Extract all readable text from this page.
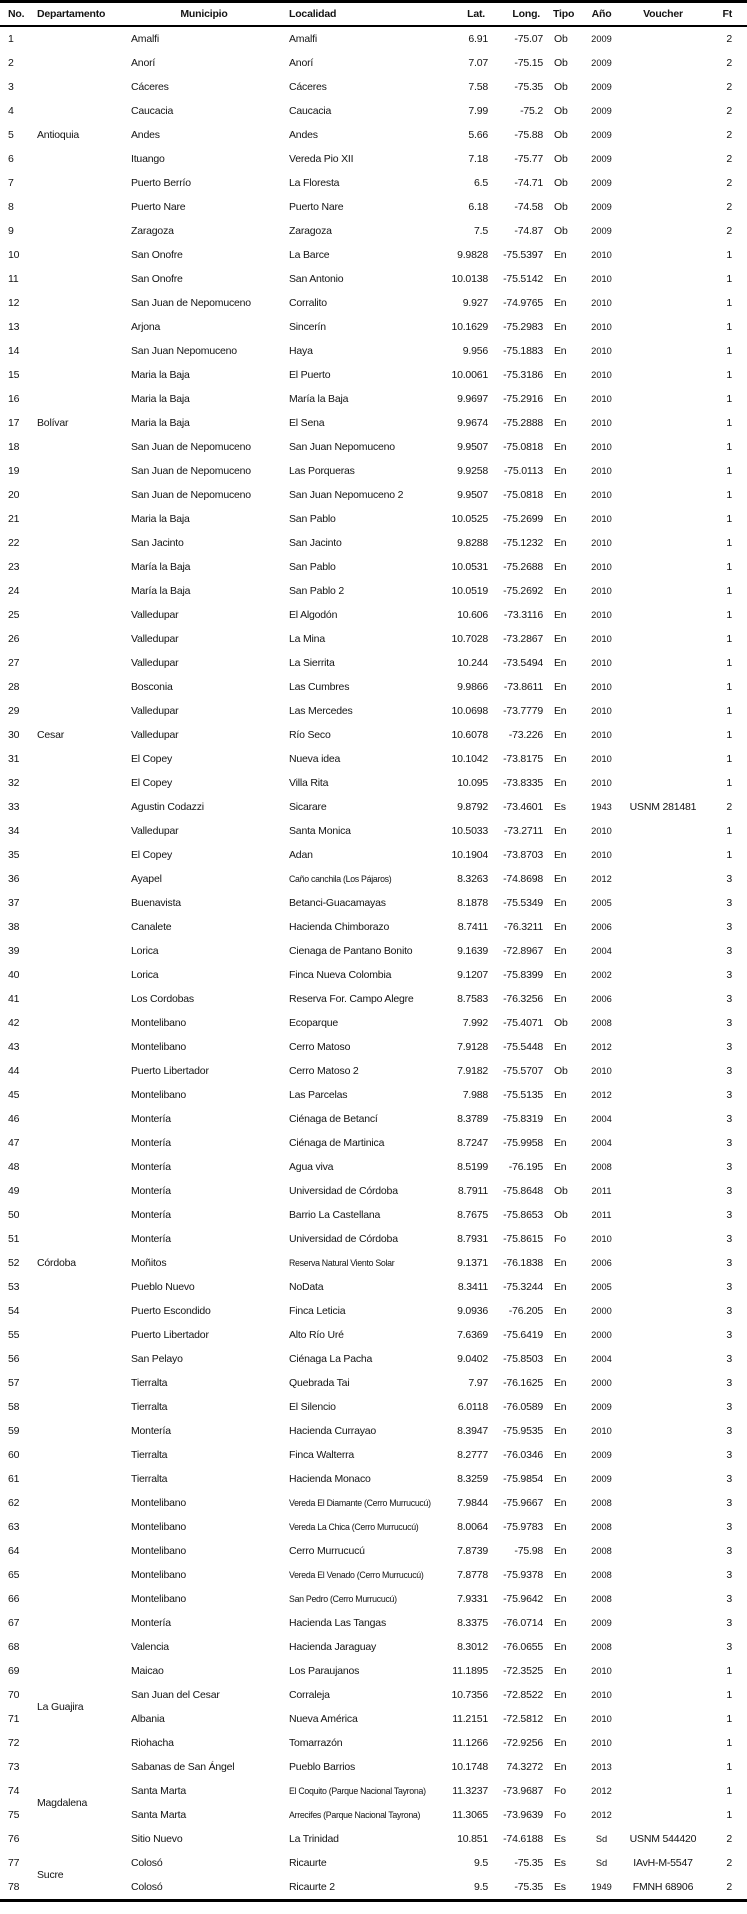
No.	Departamento	Municipio	Localidad	Lat.	Long.	Tipo	Año	Voucher	Ft
1	Antioquia	Amalfi	Amalfi	6.91	-75.07	Ob	2009		2
2		Anorí	Anorí	7.07	-75.15	Ob	2009		2
3		Cáceres	Cáceres	7.58	-75.35	Ob	2009		2
4		Caucacia	Caucacia	7.99	-75.2	Ob	2009		2
5		Andes	Andes	5.66	-75.88	Ob	2009		2
6		Ituango	Vereda Pio XII	7.18	-75.77	Ob	2009		2
7		Puerto Berrío	La Floresta	6.5	-74.71	Ob	2009		2
8		Puerto Nare	Puerto Nare	6.18	-74.58	Ob	2009		2
9		Zaragoza	Zaragoza	7.5	-74.87	Ob	2009		2
10	Bolívar	San Onofre	La Barce	9.9828	-75.5397	En	2010		1
11		San Onofre	San Antonio	10.0138	-75.5142	En	2010		1
12		San Juan de Nepomuceno	Corralito	9.927	-74.9765	En	2010		1
13		Arjona	Sincerín	10.1629	-75.2983	En	2010		1
14		San Juan Nepomuceno	Haya	9.956	-75.1883	En	2010		1
15		Maria la Baja	El Puerto	10.0061	-75.3186	En	2010		1
16		Maria la Baja	María la Baja	9.9697	-75.2916	En	2010		1
17		Maria la Baja	El Sena	9.9674	-75.2888	En	2010		1
18		San Juan de Nepomuceno	San Juan Nepomuceno	9.9507	-75.0818	En	2010		1
19		San Juan de Nepomuceno	Las Porqueras	9.9258	-75.0113	En	2010		1
20		San Juan de Nepomuceno	San Juan Nepomuceno 2	9.9507	-75.0818	En	2010		1
21		Maria la Baja	San Pablo	10.0525	-75.2699	En	2010		1
22		San Jacinto	San Jacinto	9.8288	-75.1232	En	2010		1
23		María la Baja	San Pablo	10.0531	-75.2688	En	2010		1
24		María la Baja	San Pablo 2	10.0519	-75.2692	En	2010		1
25	Cesar	Valledupar	El Algodón	10.606	-73.3116	En	2010		1
26		Valledupar	La Mina	10.7028	-73.2867	En	2010		1
27		Valledupar	La Sierrita	10.244	-73.5494	En	2010		1
28		Bosconia	Las Cumbres	9.9866	-73.8611	En	2010		1
29		Valledupar	Las Mercedes	10.0698	-73.7779	En	2010		1
30		Valledupar	Río Seco	10.6078	-73.226	En	2010		1
31		El Copey	Nueva idea	10.1042	-73.8175	En	2010		1
32		El Copey	Villa Rita	10.095	-73.8335	En	2010		1
33		Agustin Codazzi	Sicarare	9.8792	-73.4601	Es	1943	USNM 281481	2
34		Valledupar	Santa Monica	10.5033	-73.2711	En	2010		1
35		El Copey	Adan	10.1904	-73.8703	En	2010		1
36	Córdoba	Ayapel	Caño canchila (Los Pájaros)	8.3263	-74.8698	En	2012		3
37		Buenavista	Betanci-Guacamayas	8.1878	-75.5349	En	2005		3
38		Canalete	Hacienda Chimborazo	8.7411	-76.3211	En	2006		3
39		Lorica	Cienaga de Pantano Bonito	9.1639	-72.8967	En	2004		3
40		Lorica	Finca Nueva Colombia	9.1207	-75.8399	En	2002		3
41		Los Cordobas	Reserva For. Campo Alegre	8.7583	-76.3256	En	2006		3
42		Montelibano	Ecoparque	7.992	-75.4071	Ob	2008		3
43		Montelibano	Cerro Matoso	7.9128	-75.5448	En	2012		3
44		Puerto Libertador	Cerro Matoso 2	7.9182	-75.5707	Ob	2010		3
45		Montelibano	Las Parcelas	7.988	-75.5135	En	2012		3
46		Montería	Ciénaga de Betancí	8.3789	-75.8319	En	2004		3
47		Montería	Ciénaga de Martinica	8.7247	-75.9958	En	2004		3
48		Montería	Agua viva	8.5199	-76.195	En	2008		3
49		Montería	Universidad de Córdoba	8.7911	-75.8648	Ob	2011		3
50		Montería	Barrio La Castellana	8.7675	-75.8653	Ob	2011		3
51		Montería	Universidad de Córdoba	8.7931	-75.8615	Fo	2010		3
52		Moñitos	Reserva Natural Viento Solar	9.1371	-76.1838	En	2006		3
53		Pueblo Nuevo	NoData	8.3411	-75.3244	En	2005		3
54		Puerto Escondido	Finca Leticia	9.0936	-76.205	En	2000		3
55		Puerto Libertador	Alto Río Uré	7.6369	-75.6419	En	2000		3
56		San Pelayo	Ciénaga La Pacha	9.0402	-75.8503	En	2004		3
57		Tierralta	Quebrada Tai	7.97	-76.1625	En	2000		3
58		Tierralta	El Silencio	6.0118	-76.0589	En	2009		3
59		Montería	Hacienda Currayao	8.3947	-75.9535	En	2010		3
60		Tierralta	Finca Walterra	8.2777	-76.0346	En	2009		3
61		Tierralta	Hacienda Monaco	8.3259	-75.9854	En	2009		3
62		Montelibano	Vereda El Diamante (Cerro Murrucucú)	7.9844	-75.9667	En	2008		3
63		Montelibano	Vereda La Chica (Cerro Murrucucú)	8.0064	-75.9783	En	2008		3
64		Montelibano	Cerro Murrucucú	7.8739	-75.98	En	2008		3
65		Montelibano	Vereda El Venado (Cerro Murrucucú)	7.8778	-75.9378	En	2008		3
66		Montelibano	San Pedro (Cerro Murrucucú)	7.9331	-75.9642	En	2008		3
67		Montería	Hacienda Las Tangas	8.3375	-76.0714	En	2009		3
68		Valencia	Hacienda Jaraguay	8.3012	-76.0655	En	2008		3
69	La Guajira	Maicao	Los Paraujanos	11.1895	-72.3525	En	2010		1
70		San Juan del Cesar	Corraleja	10.7356	-72.8522	En	2010		1
71		Albania	Nueva América	11.2151	-72.5812	En	2010		1
72		Riohacha	Tomarrazón	11.1266	-72.9256	En	2010		1
73	Magdalena	Sabanas de San Ángel	Pueblo Barrios	10.1748	74.3272	En	2013		1
74		Santa Marta	El Coquito (Parque Nacional Tayrona)	11.3237	-73.9687	Fo	2012		1
75		Santa Marta	Arrecifes (Parque Nacional Tayrona)	11.3065	-73.9639	Fo	2012		1
76		Sitio Nuevo	La Trinidad	10.851	-74.6188	Es	Sd	USNM 544420	2
77	Sucre	Colosó	Ricaurte	9.5	-75.35	Es	Sd	IAvH-M-5547	2
78		Colosó	Ricaurte 2	9.5	-75.35	Es	1949	FMNH 68906	2
